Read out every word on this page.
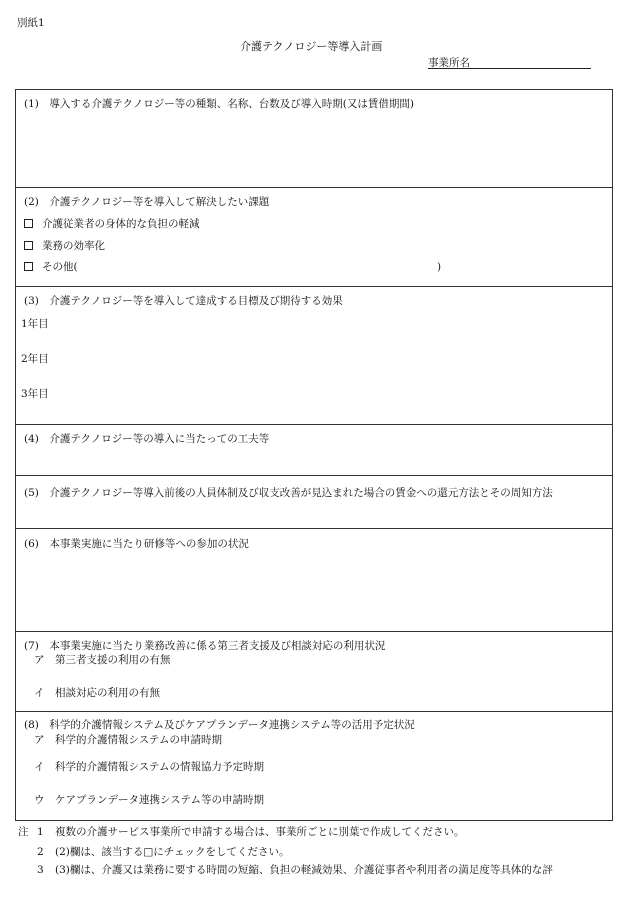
別紙1
介護テクノロジー等導入計画
事業所名
(1)　導入する介護テクノロジー等の種類、名称、台数及び導入時期(又は賃借期間)
(2)　介護テクノロジー等を導入して解決したい課題
介護従業者の身体的な負担の軽減
業務の効率化
その他(	)
(3)　介護テクノロジー等を導入して達成する目標及び期待する効果
1年目
2年目
3年目
(4)　介護テクノロジー等の導入に当たっての工夫等
(5)　介護テクノロジー等導入前後の人員体制及び収支改善が見込まれた場合の賃金への還元方法とその周知方法
(6)　本事業実施に当たり研修等への参加の状況
(7)　本事業実施に当たり業務改善に係る第三者支援及び相談対応の利用状況
ア　第三者支援の利用の有無
イ　相談対応の利用の有無
(8)　科学的介護情報システム及びケアプランデータ連携システム等の活用予定状況
ア　科学的介護情報システムの申請時期
イ　科学的介護情報システムの情報協力予定時期
ウ　ケアプランデータ連携システム等の申請時期
注 1 複数の介護サービス事業所で申請する場合は、事業所ごとに別葉で作成してください。
2 (2)欄は、該当する□にチェックをしてください。
3 (3)欄は、介護又は業務に要する時間の短縮、負担の軽減効果、介護従事者や利用者の満足度等具体的な評
